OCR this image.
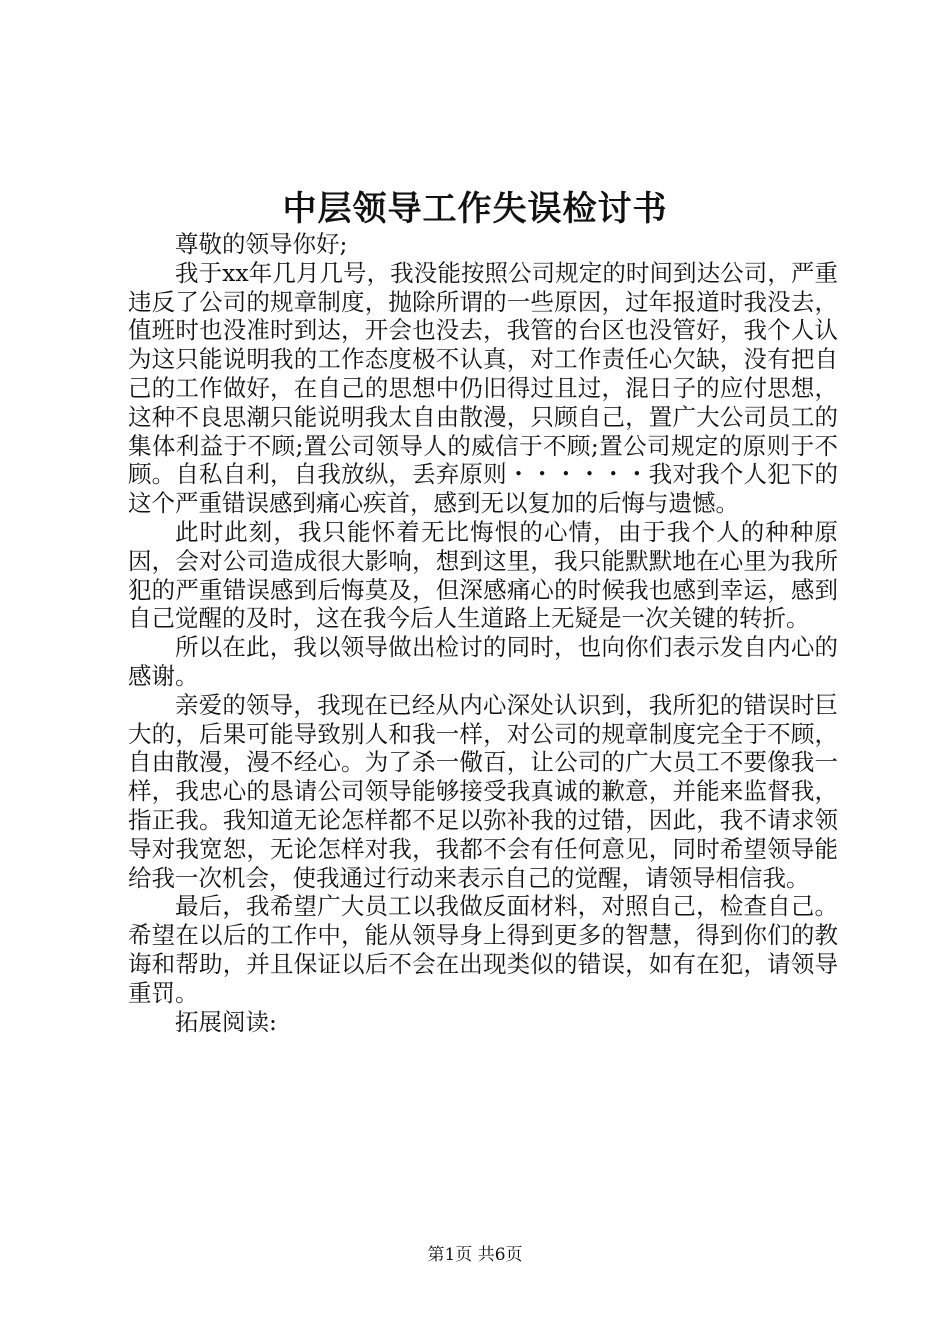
中层领导工作失误检讨书

尊敬的领导你好;

我于xx年几月几号，我没能按照公司规定的时间到达公司，严重违反了公司的规章制度，抛除所谓的一些原因，过年报道时我没去，值班时也没准时到达，开会也没去，我管的台区也没管好，我个人认为这只能说明我的工作态度极不认真，对工作责任心欠缺，没有把自己的工作做好，在自己的思想中仍旧得过且过，混日子的应付思想，这种不良思潮只能说明我太自由散漫，只顾自己，置广大公司员工的集体利益于不顾;置公司领导人的威信于不顾;置公司规定的原则于不顾。自私自利，自我放纵，丢弃原则・・・・・・我对我个人犯下的这个严重错误感到痛心疾首，感到无以复加的后悔与遗憾。

此时此刻，我只能怀着无比悔恨的心情，由于我个人的种种原因，会对公司造成很大影响，想到这里，我只能默默地在心里为我所犯的严重错误感到后悔莫及，但深感痛心的时候我也感到幸运，感到自己觉醒的及时，这在我今后人生道路上无疑是一次关键的转折。

所以在此，我以领导做出检讨的同时，也向你们表示发自内心的感谢。

亲爱的领导，我现在已经从内心深处认识到，我所犯的错误时巨大的，后果可能导致别人和我一样，对公司的规章制度完全于不顾，自由散漫，漫不经心。为了杀一儆百，让公司的广大员工不要像我一样，我忠心的恳请公司领导能够接受我真诚的歉意，并能来监督我，指正我。我知道无论怎样都不足以弥补我的过错，因此，我不请求领导对我宽恕，无论怎样对我，我都不会有任何意见，同时希望领导能给我一次机会，使我通过行动来表示自己的觉醒，请领导相信我。

最后，我希望广大员工以我做反面材料，对照自己，检查自己。希望在以后的工作中，能从领导身上得到更多的智慧，得到你们的教诲和帮助，并且保证以后不会在出现类似的错误，如有在犯，请领导重罚。

拓展阅读:

第1页 共6页
